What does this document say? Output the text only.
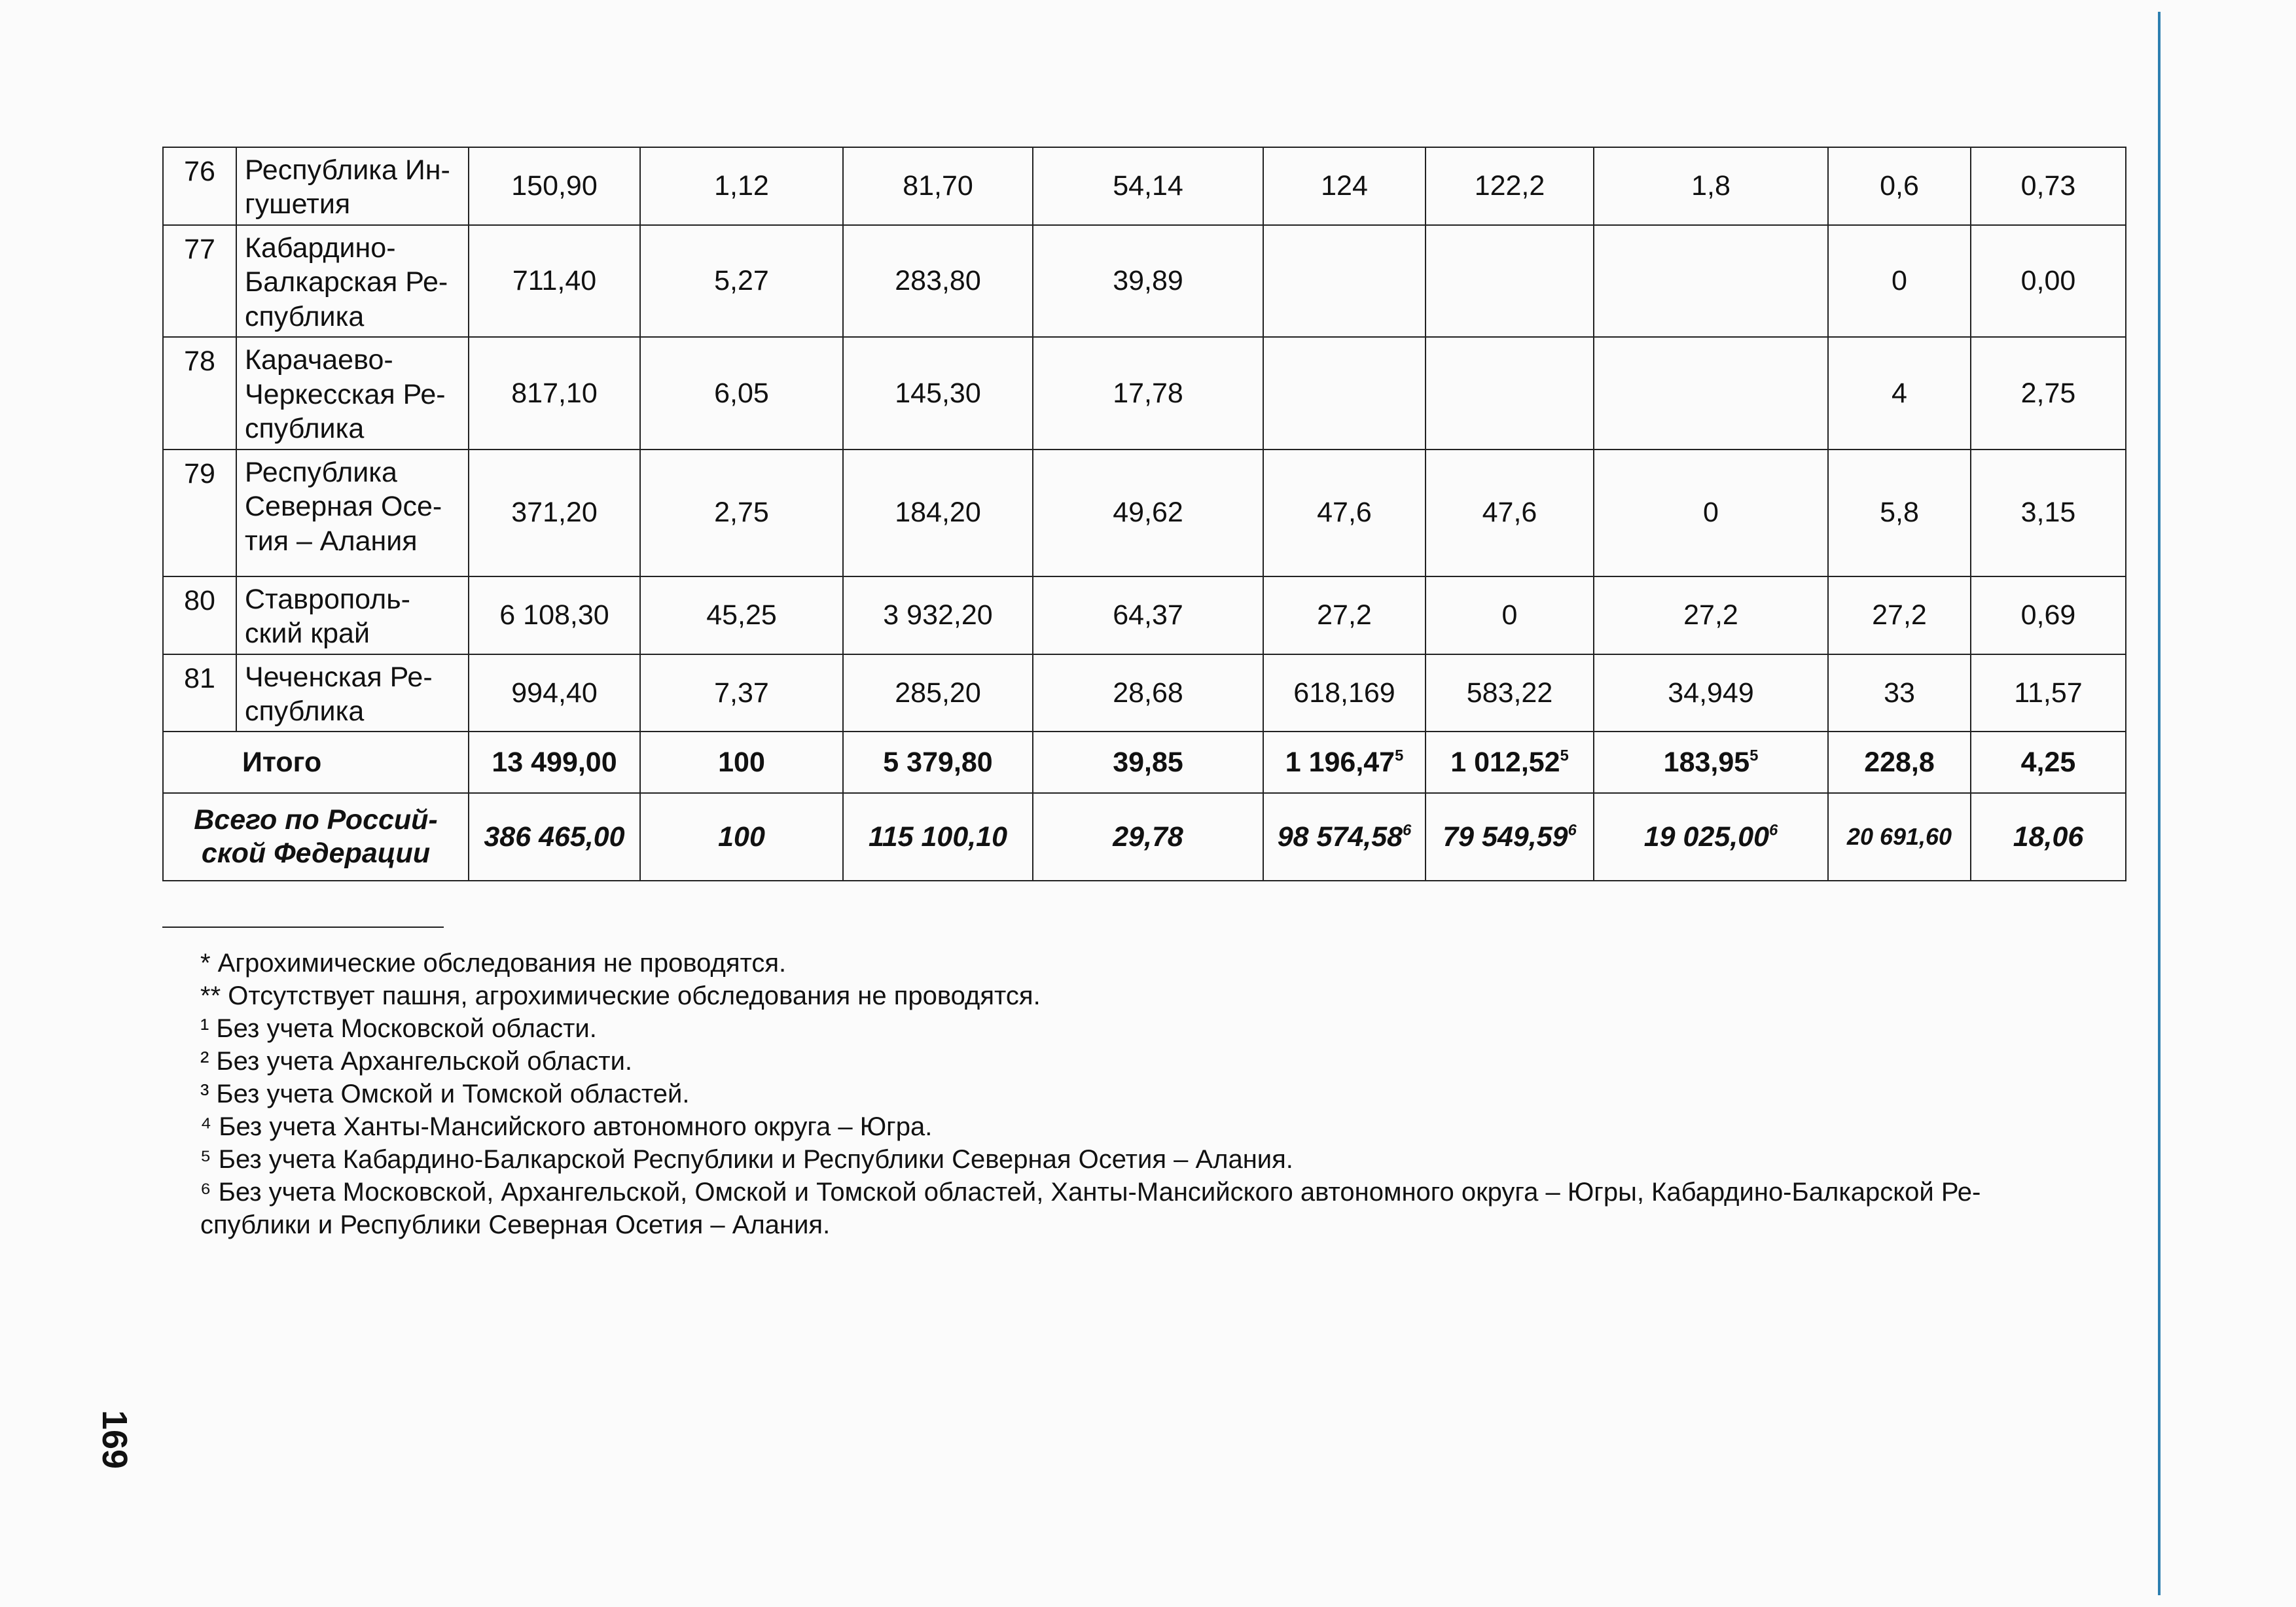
76	Республика Ин-
гушетия	150,90	1,12	81,70	54,14	124	122,2	1,8	0,6	0,73
77	Кабардино-
Балкарская Ре-
спублика	711,40	5,27	283,80	39,89				0	0,00
78	Карачаево-
Черкесская Ре-
спублика	817,10	6,05	145,30	17,78				4	2,75
79	Республика
Северная Осе-
тия – Алания	371,20	2,75	184,20	49,62	47,6	47,6	0	5,8	3,15
80	Ставрополь-
ский край	6 108,30	45,25	3 932,20	64,37	27,2	0	27,2	27,2	0,69
81	Чеченская Ре-
спублика	994,40	7,37	285,20	28,68	618,169	583,22	34,949	33	11,57
Итого		13 499,00	100	5 379,80	39,85	1 196,47$^5$	1 012,52$^5$	183,95$^5$	228,8	4,25
Всего по Россий-
ской Федерации		386 465,00	100	115 100,10	29,78	98 574,58$^6$	79 549,59$^6$	19 025,00$^6$	20 691,60	18,06

* Агрохимические обследования не проводятся.

** Отсутствует пашня, агрохимические обследования не проводятся.

¹ Без учета Московской области.

² Без учета Архангельской области.

³ Без учета Омской и Томской областей.

⁴ Без учета Ханты-Мансийского автономного округа – Югра.

⁵ Без учета Кабардино-Балкарской Республики и Республики Северная Осетия – Алания.

⁶ Без учета Московской, Архангельской, Омской и Томской областей, Ханты-Мансийского автономного округа – Югры, Кабардино-Балкарской Ре-

спублики и Республики Северная Осетия – Алания.

169
